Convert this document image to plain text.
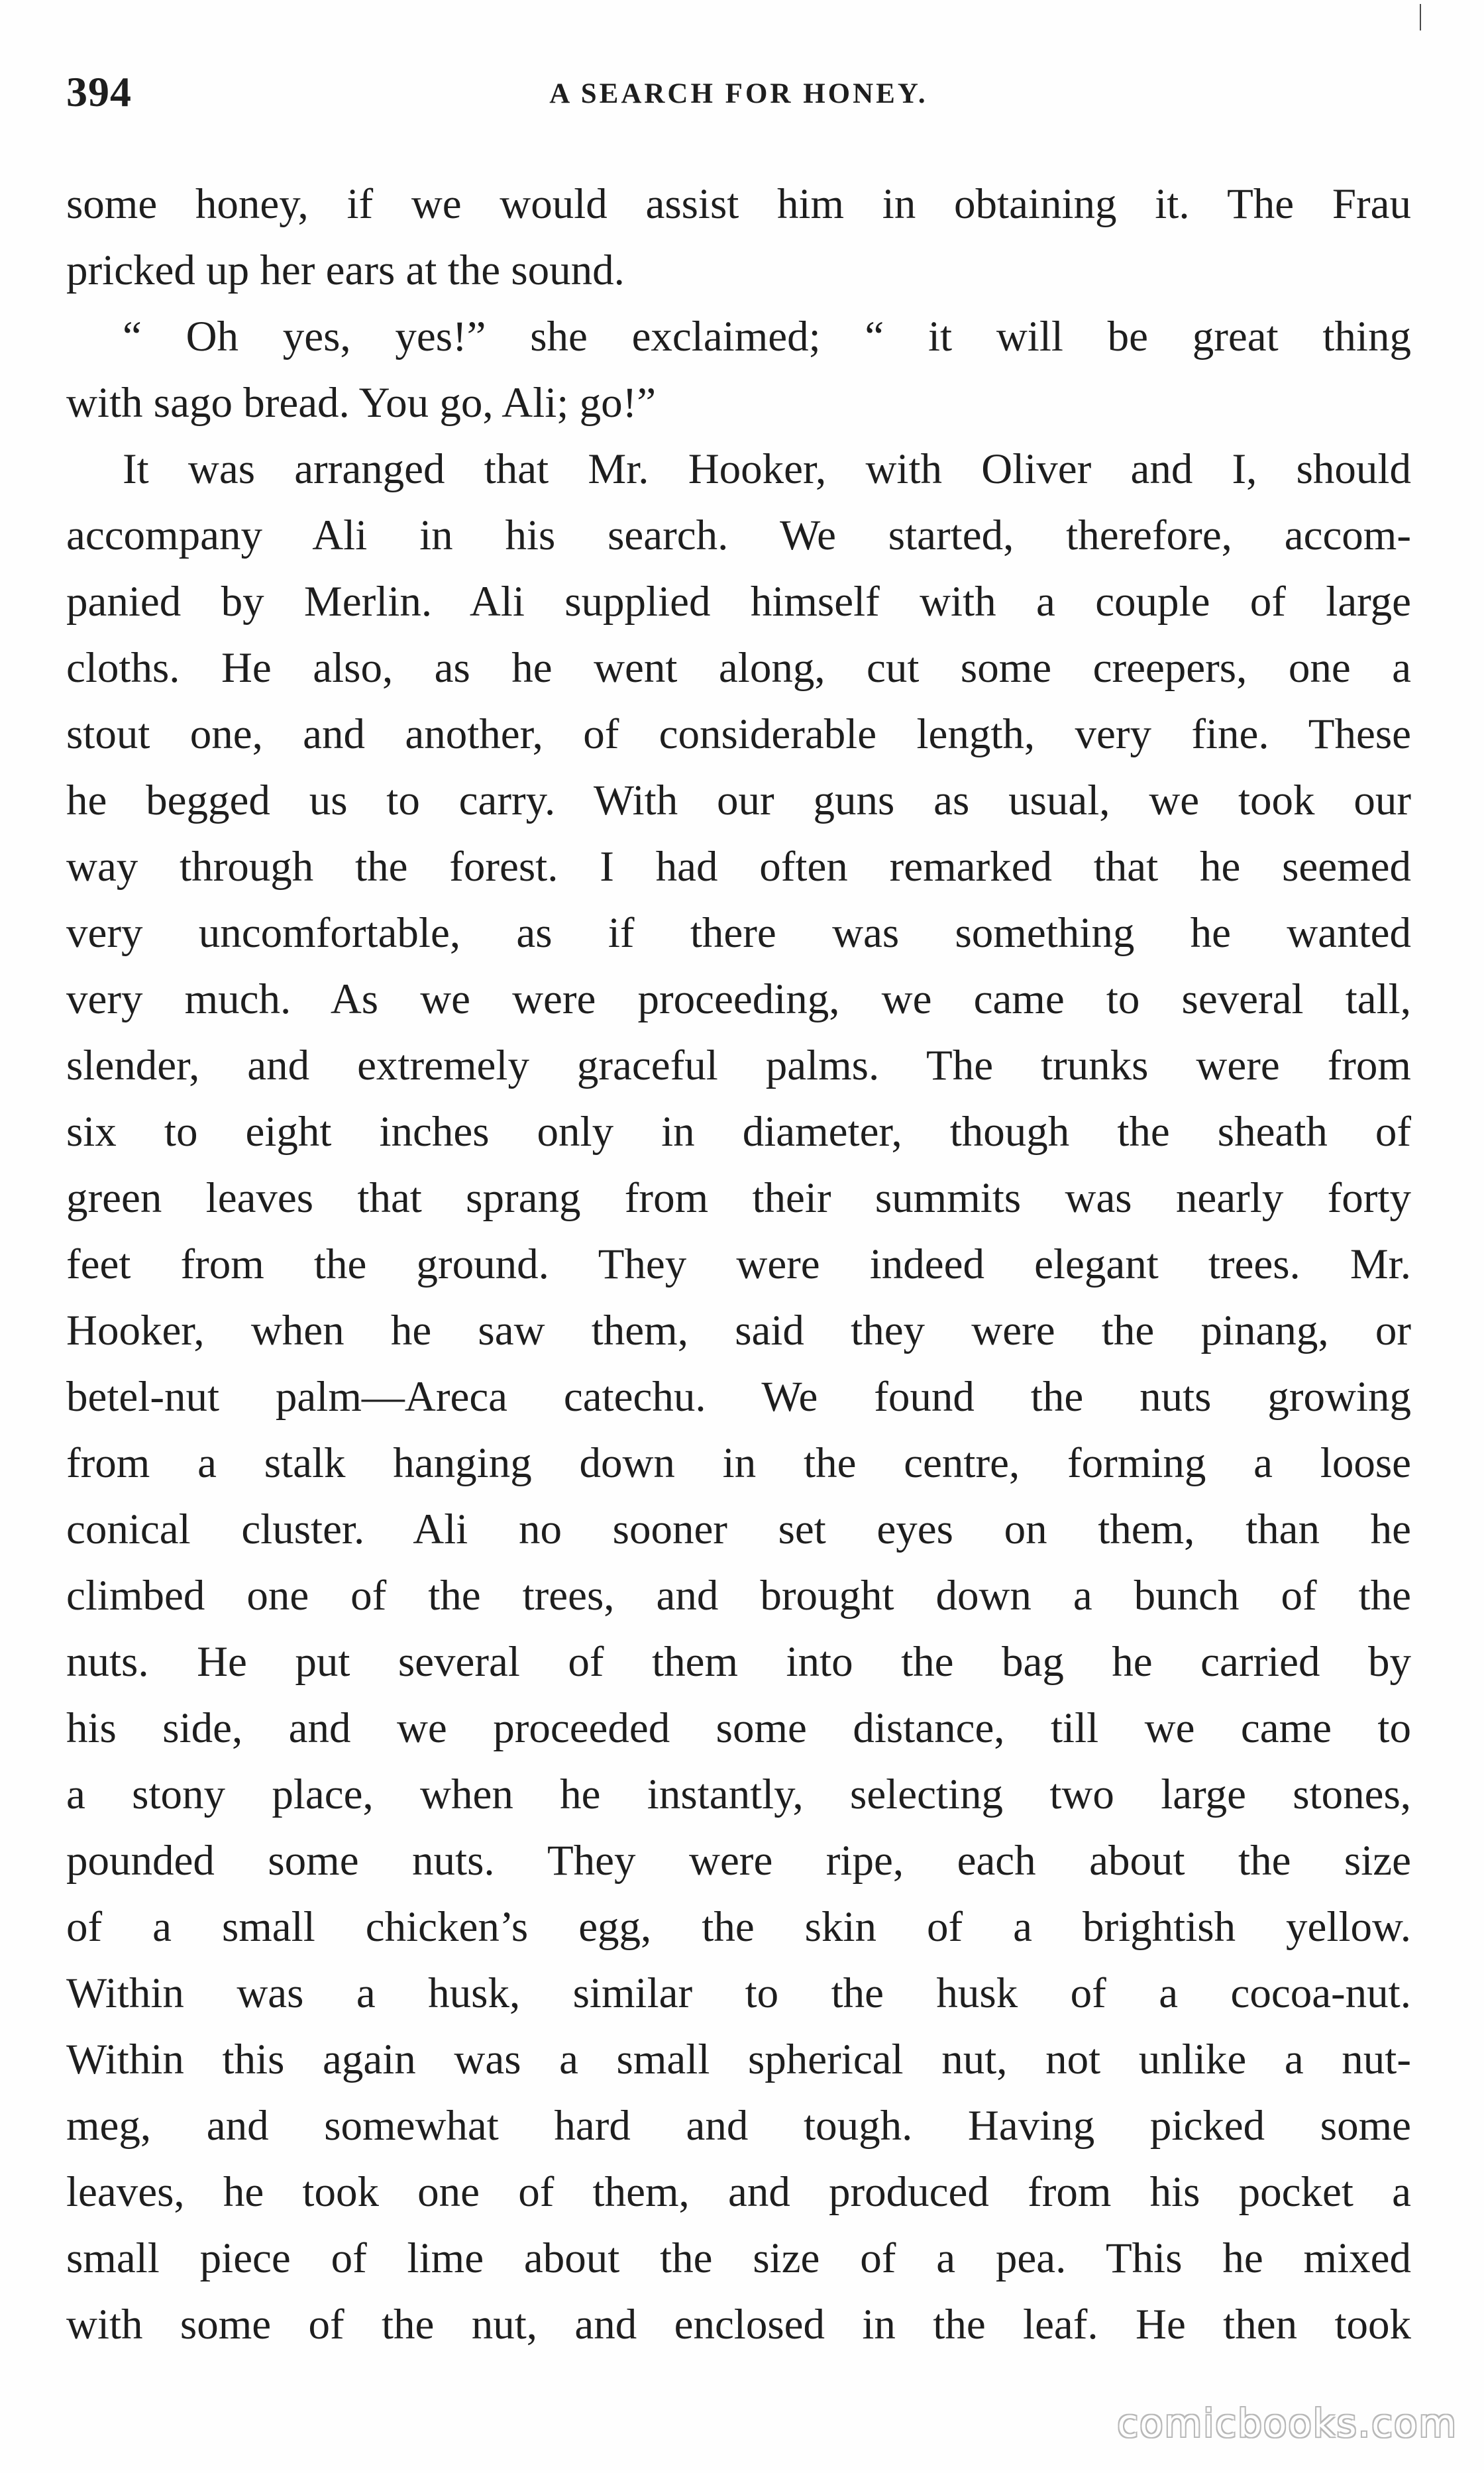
394	A SEARCH FOR HONEY.
some honey, if we would assist him in obtaining it. The Frau
pricked up her ears at the sound.
“ Oh yes, yes!” she exclaimed; “ it will be great thing
with sago bread. You go, Ali; go!”
It was arranged that Mr. Hooker, with Oliver and I, should
accompany Ali in his search. We started, therefore, accom-
panied by Merlin. Ali supplied himself with a couple of large
cloths. He also, as he went along, cut some creepers, one a
stout one, and another, of considerable length, very fine. These
he begged us to carry. With our guns as usual, we took our
way through the forest. I had often remarked that he seemed
very uncomfortable, as if there was something he wanted
very much. As we were proceeding, we came to several tall,
slender, and extremely graceful palms. The trunks were from
six to eight inches only in diameter, though the sheath of
green leaves that sprang from their summits was nearly forty
feet from the ground. They were indeed elegant trees. Mr.
Hooker, when he saw them, said they were the pinang, or
betel-nut palm—Areca catechu. We found the nuts growing
from a stalk hanging down in the centre, forming a loose
conical cluster. Ali no sooner set eyes on them, than he
climbed one of the trees, and brought down a bunch of the
nuts. He put several of them into the bag he carried by
his side, and we proceeded some distance, till we came to
a stony place, when he instantly, selecting two large stones,
pounded some nuts. They were ripe, each about the size
of a small chicken’s egg, the skin of a brightish yellow.
Within was a husk, similar to the husk of a cocoa-nut.
Within this again was a small spherical nut, not unlike a nut-
meg, and somewhat hard and tough. Having picked some
leaves, he took one of them, and produced from his pocket a
small piece of lime about the size of a pea. This he mixed
with some of the nut, and enclosed in the leaf. He then took
comicbooks.com
